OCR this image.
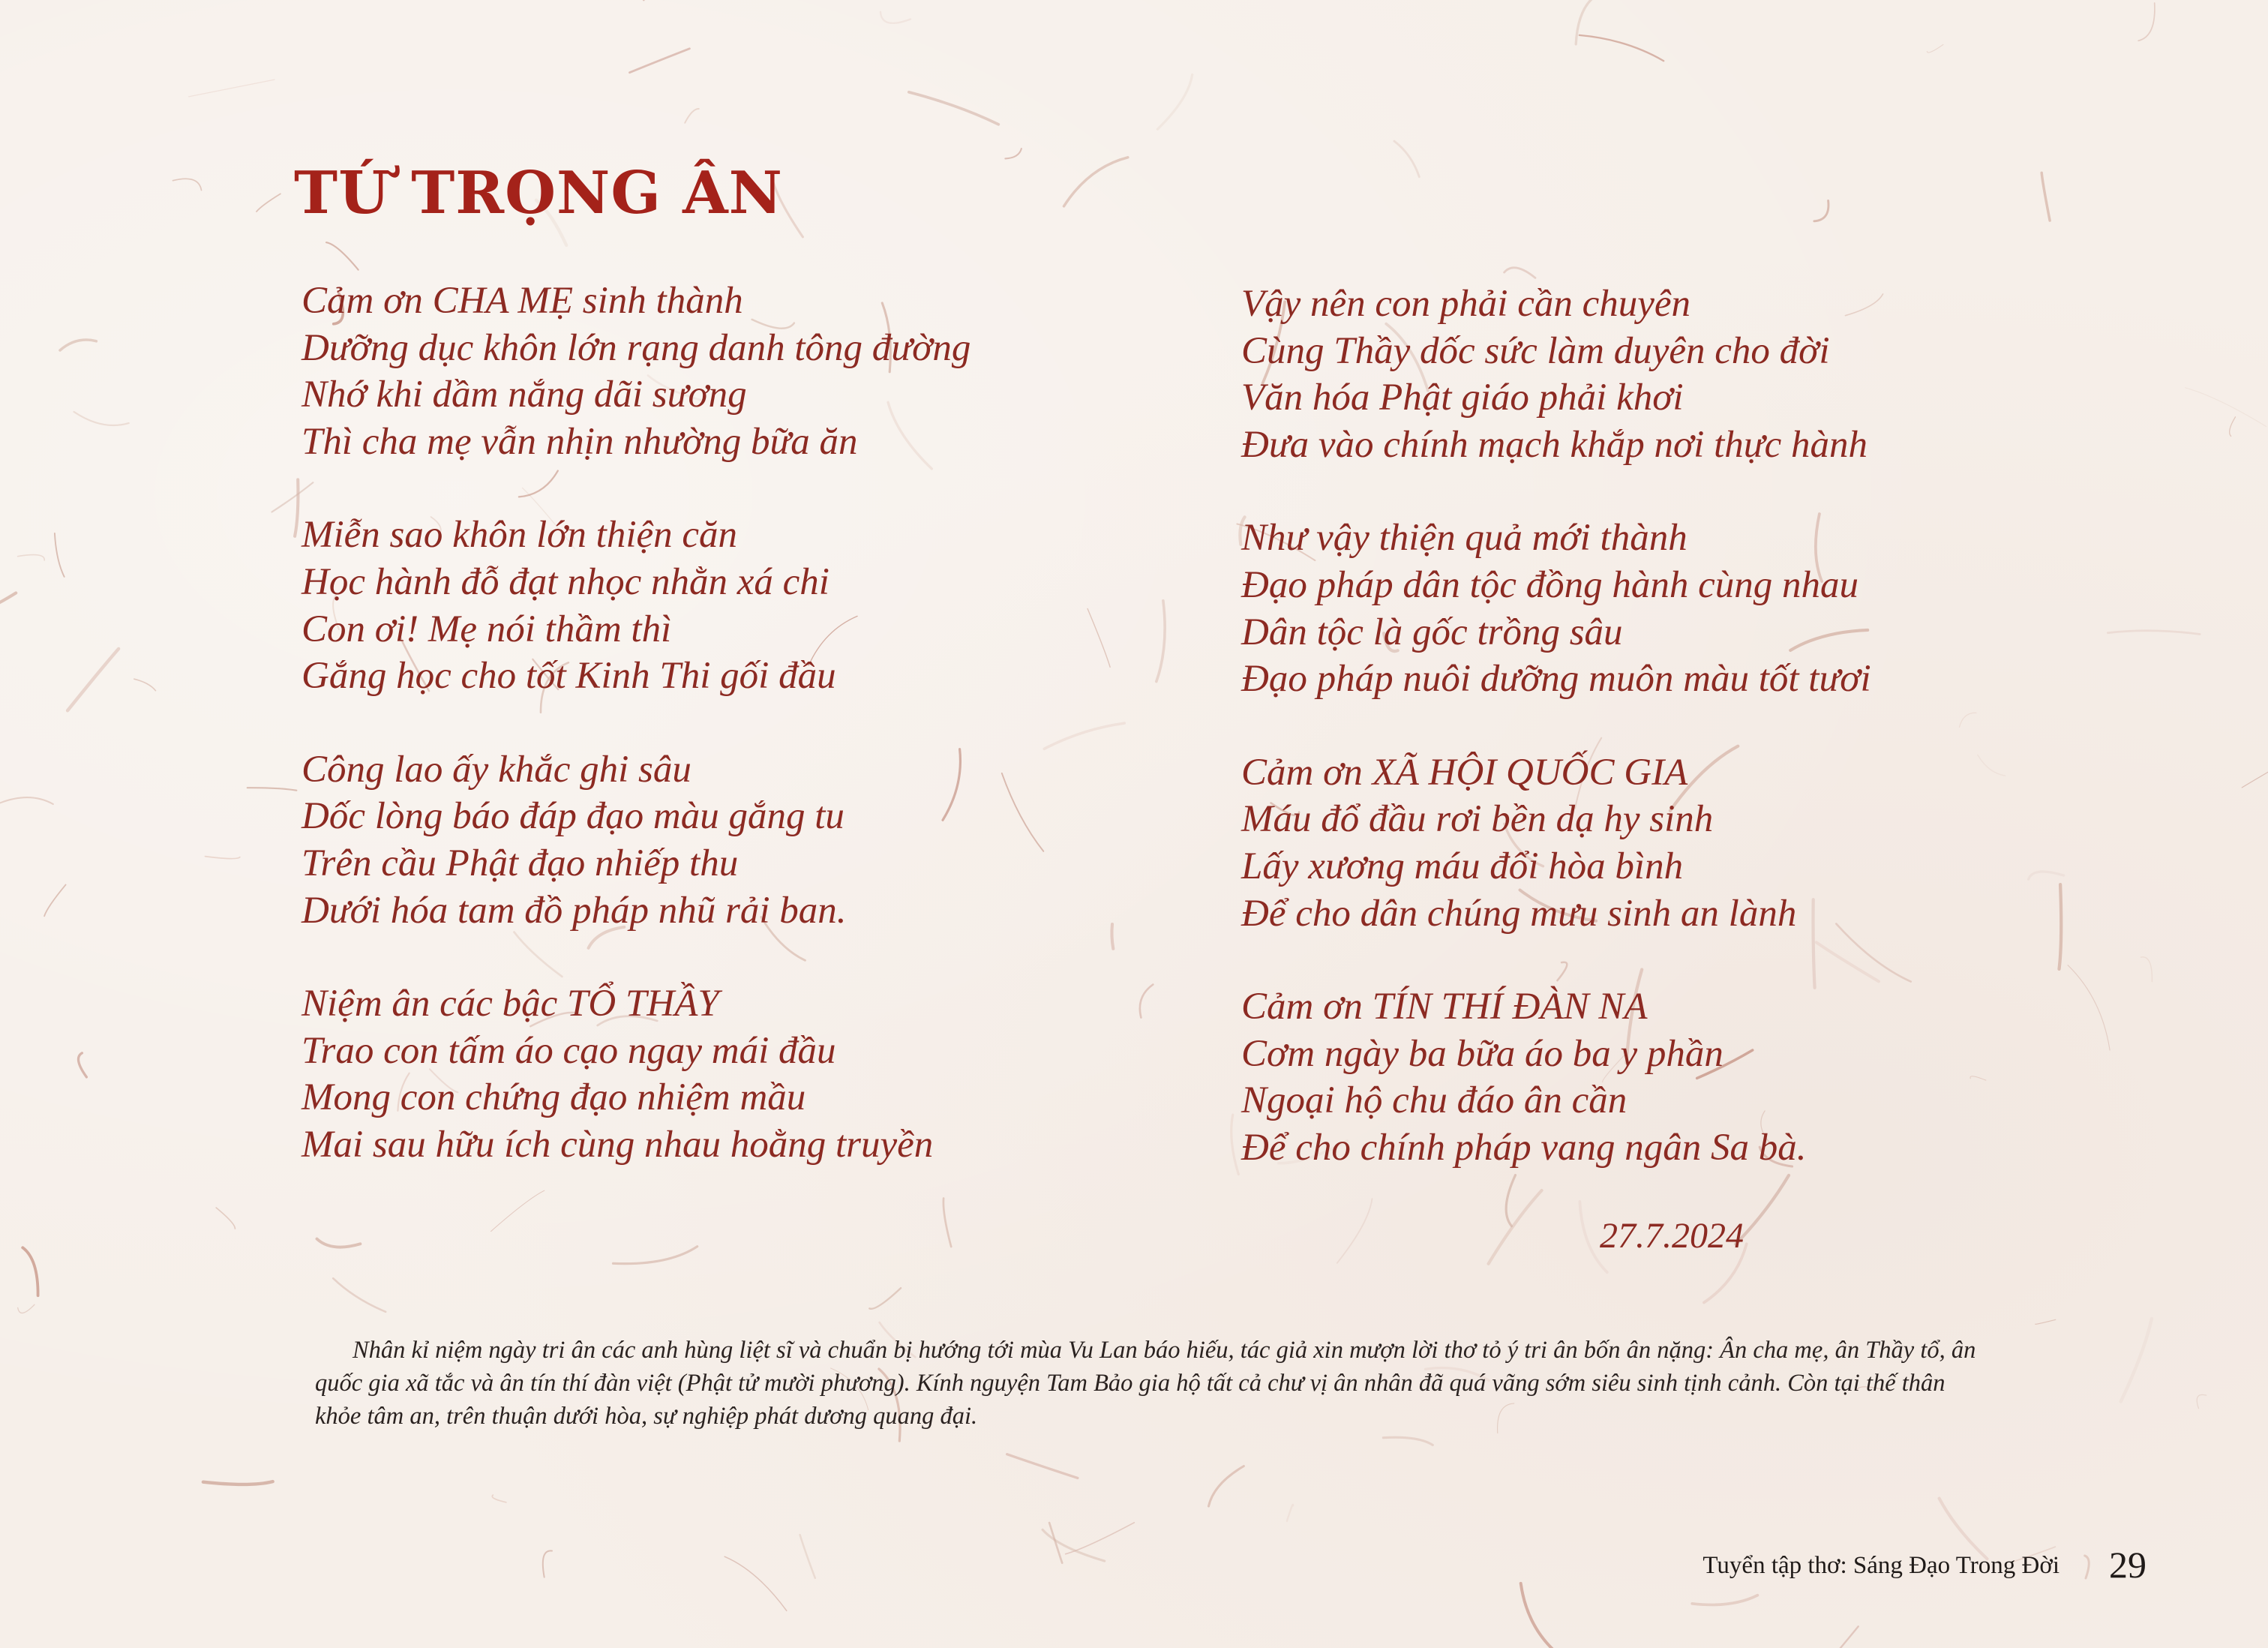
TỨ TRỌNG ÂN
Cảm ơn CHA MẸ sinh thành
Dưỡng dục khôn lớn rạng danh tông đường
Nhớ khi dầm nắng dãi sương
Thì cha mẹ vẫn nhịn nhường bữa ăn
Miễn sao khôn lớn thiện căn
Học hành đỗ đạt nhọc nhằn xá chi
Con ơi! Mẹ nói thầm thì
Gắng học cho tốt Kinh Thi gối đầu
Công lao ấy khắc ghi sâu
Dốc lòng báo đáp đạo màu gắng tu
Trên cầu Phật đạo nhiếp thu
Dưới hóa tam đồ pháp nhũ rải ban.
Niệm ân các bậc TỔ THẦY
Trao con tấm áo cạo ngay mái đầu
Mong con chứng đạo nhiệm mầu
Mai sau hữu ích cùng nhau hoằng truyền
Vậy nên con phải cần chuyên
Cùng Thầy dốc sức làm duyên cho đời
Văn hóa Phật giáo phải khơi
Đưa vào chính mạch khắp nơi thực hành
Như vậy thiện quả mới thành
Đạo pháp dân tộc đồng hành cùng nhau
Dân tộc là gốc trồng sâu
Đạo pháp nuôi dưỡng muôn màu tốt tươi
Cảm ơn XÃ HỘI QUỐC GIA
Máu đổ đầu rơi bền dạ hy sinh
Lấy xương máu đổi hòa bình
Để cho dân chúng mưu sinh an lành
Cảm ơn TÍN THÍ ĐÀN NA
Cơm ngày ba bữa áo ba y phần
Ngoại hộ chu đáo ân cần
Để cho chính pháp vang ngân Sa bà.
27.7.2024

Nhân kỉ niệm ngày tri ân các anh hùng liệt sĩ và chuẩn bị hướng tới mùa Vu Lan báo hiếu, tác giả xin mượn lời thơ tỏ ý tri ân bốn ân nặng: Ân cha mẹ, ân Thầy tổ, ân quốc gia xã tắc và ân tín thí đàn việt (Phật tử mười phương). Kính nguyện Tam Bảo gia hộ tất cả chư vị ân nhân đã quá vãng sớm siêu sinh tịnh cảnh. Còn tại thế thân khỏe tâm an, trên thuận dưới hòa, sự nghiệp phát dương quang đại.

Tuyển tập thơ: Sáng Đạo Trong Đời 29
